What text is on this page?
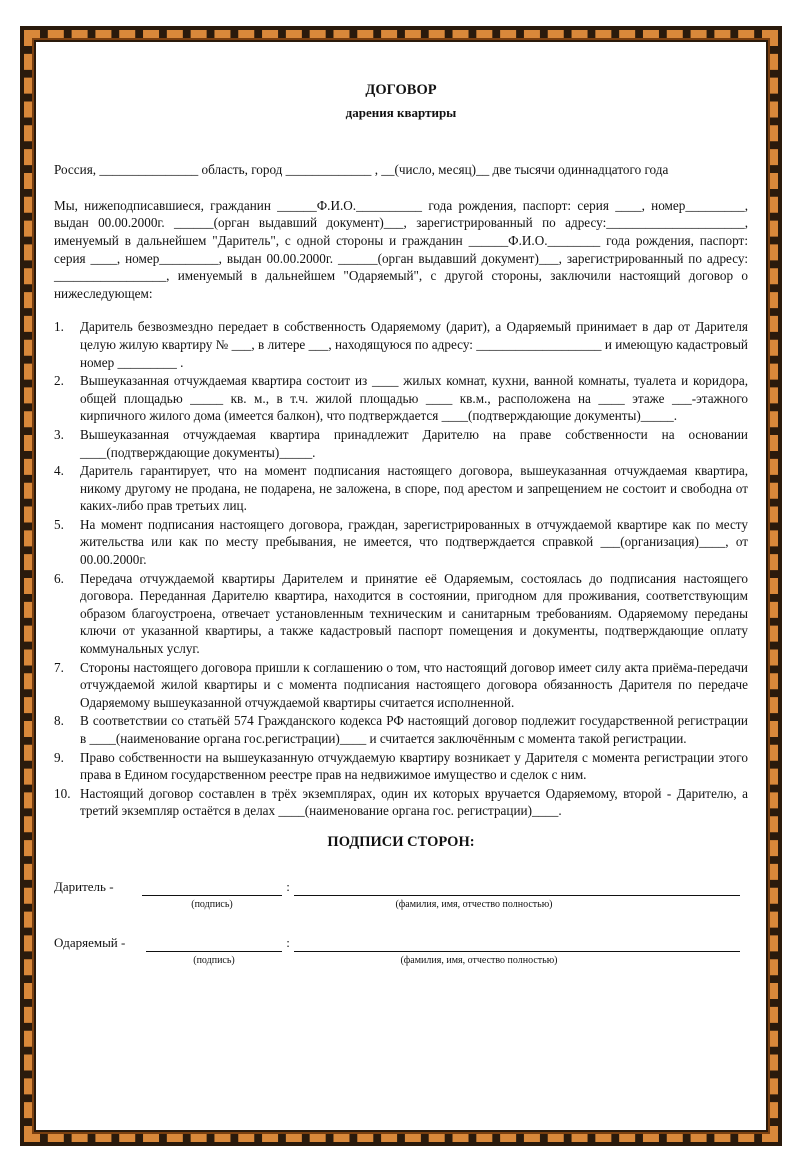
ДОГОВОР

дарения квартиры

Россия, _______________ область, город _____________ , __(число, месяц)__ две тысячи одиннадцатого года

Мы, нижеподписавшиеся, гражданин ______Ф.И.О.__________ года рождения, паспорт: серия ____, номер_________, выдан 00.00.2000г. ______(орган выдавший документ)___, зарегистрированный по адресу:_____________________, именуемый в дальнейшем "Даритель", с одной стороны и гражданин ______Ф.И.О.________ года рождения, паспорт: серия ____, номер_________, выдан 00.00.2000г. ______(орган выдавший документ)___, зарегистрированный по адресу: _________________, именуемый в дальнейшем "Одаряемый", с другой стороны, заключили настоящий договор о нижеследующем:

1.	Даритель безвозмездно передает в собственность Одаряемому (дарит), а Одаряемый принимает в дар от Дарителя целую жилую квартиру № ___, в литере ___, находящуюся по адресу: ___________________ и имеющую кадастровый номер _________ .
2.	Вышеуказанная отчуждаемая квартира состоит из ____ жилых комнат, кухни, ванной комнаты, туалета и коридора, общей площадью _____ кв. м., в т.ч. жилой площадью ____ кв.м., расположена на ____ этаже ___-этажного кирпичного жилого дома (имеется балкон), что подтверждается ____(подтверждающие документы)_____.
3.	Вышеуказанная отчуждаемая квартира принадлежит Дарителю на праве собственности на основании ____(подтверждающие документы)_____.
4.	Даритель гарантирует, что на момент подписания настоящего договора, вышеуказанная отчуждаемая квартира, никому другому не продана, не подарена, не заложена, в споре, под арестом и запрещением не состоит и свободна от каких-либо прав третьих лиц.
5.	На момент подписания настоящего договора, граждан, зарегистрированных в отчуждаемой квартире как по месту жительства или как по месту пребывания, не имеется, что подтверждается справкой ___(организация)____, от 00.00.2000г.
6.	Передача отчуждаемой квартиры Дарителем и принятие её Одаряемым, состоялась до подписания настоящего договора. Переданная Дарителю квартира, находится в состоянии, пригодном для проживания, соответствующим образом благоустроена, отвечает установленным техническим и санитарным требованиям. Одаряемому переданы ключи от указанной квартиры, а также кадастровый паспорт помещения и документы, подтверждающие оплату коммунальных услуг.
7.	Стороны настоящего договора пришли к соглашению о том, что настоящий договор имеет силу акта приёма-передачи отчуждаемой жилой квартиры и с момента подписания настоящего договора обязанность Дарителя по передаче Одаряемому вышеуказанной отчуждаемой квартиры считается исполненной.
8.	В соответствии со статьёй 574 Гражданского кодекса РФ настоящий договор подлежит государственной регистрации в ____(наименование органа гос.регистрации)____ и считается заключённым с момента такой регистрации.
9.	Право собственности на вышеуказанную отчуждаемую квартиру возникает у Дарителя с момента регистрации этого права в Едином государственном реестре прав на недвижимое имущество и сделок с ним.
10. Настоящий договор составлен в трёх экземплярах, один их которых вручается Одаряемому, второй - Дарителю, а третий экземпляр остаётся в делах ____(наименование органа гос. регистрации)____.

ПОДПИСИ СТОРОН:

Даритель -	:
(подпись)	(фамилия, имя, отчество полностью)
Одаряемый -	:
(подпись)	(фамилия, имя, отчество полностью)
